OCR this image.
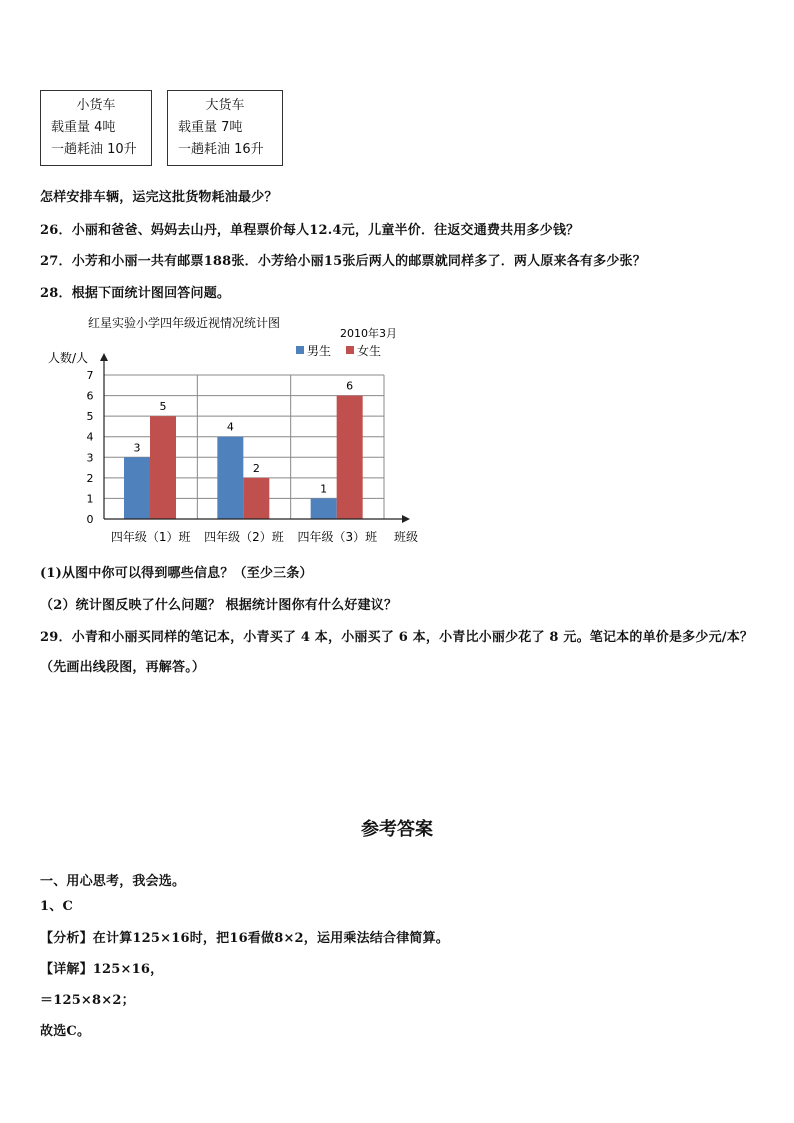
小货车
载重量 4吨
一趟耗油 10升
大货车
载重量 7吨
一趟耗油 16升
怎样安排车辆，运完这批货物耗油最少？
26．小丽和爸爸、妈妈去山丹，单程票价每人12.4元，儿童半价．往返交通费共用多少钱？
27．小芳和小丽一共有邮票188张．小芳给小丽15张后两人的邮票就同样多了．两人原来各有多少张？
28．根据下面统计图回答问题。
红星实验小学四年级近视情况统计图
2010年3月
人数/人
班级
男生 女生
0
1
2
3
4
5
6
7
3
5
四年级（1）班
4
2
四年级（2）班
1
6
四年级（3）班
(1)从图中你可以得到哪些信息？（至少三条）
（2）统计图反映了什么问题？ 根据统计图你有什么好建议？
29．小青和小丽买同样的笔记本，小青买了 4 本，小丽买了 6 本，小青比小丽少花了 8 元。笔记本的单价是多少元/本？
（先画出线段图，再解答。）
参考答案
一、用心思考，我会选。
1、C
【分析】在计算125×16时，把16看做8×2，运用乘法结合律简算。
【详解】125×16，
＝125×8×2；
故选C。
